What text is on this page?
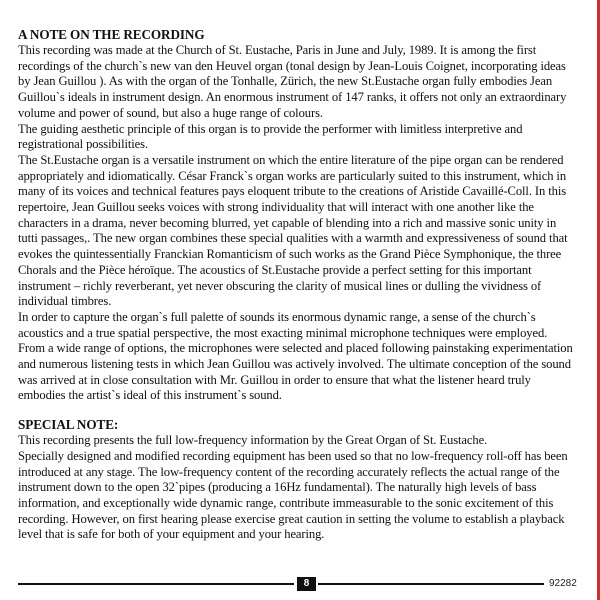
A NOTE ON THE RECORDING

This recording was made at the Church of St. Eustache, Paris in June and July, 1989. It is among the first recordings of the church`s new van den Heuvel organ (tonal design by Jean-Louis Coignet, incorporating ideas by Jean Guillou ). As with the organ of the Tonhalle, Zürich, the new St.Eustache organ fully embodies Jean Guillou`s ideals in instrument design. An enormous instrument of 147 ranks, it offers not only an extraordinary volume and power of sound, but also a huge range of colours.

The guiding aesthetic principle of this organ is to provide the performer with limitless interpretive and registrational possibilities.

The St.Eustache organ is a versatile instrument on which the entire literature of the pipe organ can be rendered appropriately and idiomatically. César Franck`s organ works are particularly suited to this instrument, which in many of its voices and technical features pays eloquent tribute to the creations of Aristide Cavaillé-Coll. In this repertoire, Jean Guillou seeks voices with strong individuality that will interact with one another like the characters in a drama, never becoming blurred, yet capable of blending into a rich and massive sonic unity in tutti passages,. The new organ combines these special qualities with a warmth and expressiveness of sound that evokes the quintessentially Franckian Romanticism of such works as the Grand Pièce Symphonique, the three Chorals and the Pièce héroïque. The acoustics of St.Eustache provide a perfect setting for this important instrument – richly reverberant, yet never obscuring the clarity of musical lines or dulling the vividness of individual timbres.

In order to capture the organ`s full palette of sounds its enormous dynamic range, a sense of the church`s acoustics and a true spatial perspective, the most exacting minimal microphone techniques were employed. From a wide range of options, the microphones were selected and placed following painstaking experimentation and numerous listening tests in which Jean Guillou was actively involved. The ultimate conception of the sound was arrived at in close consultation with Mr. Guillou in order to ensure that what the listener heard truly embodies the artist`s ideal of this instrument`s sound.

SPECIAL NOTE:

This recording presents the full low-frequency information by the Great Organ of St. Eustache.

Specially designed and modified recording equipment has been used so that no low-frequency roll-off has been introduced at any stage. The low-frequency content of the recording accurately reflects the actual range of the instrument down to the open 32`pipes (producing a 16Hz fundamental). The naturally high levels of bass information, and exceptionally wide dynamic range, contribute immeasurable to the sonic excitement of this recording. However, on first hearing please exercise great caution in setting the volume to establish a playback level that is safe for both of your equipment and your hearing.

8	92282
